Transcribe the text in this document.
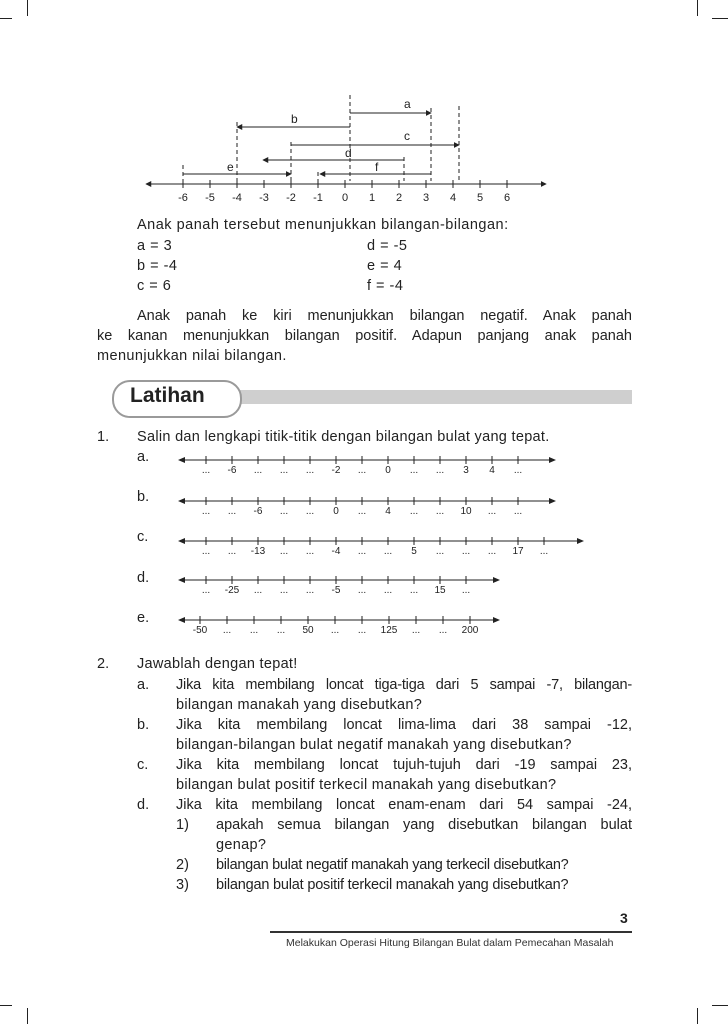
-6 -5 -4 -3 -2 -1 0 1 2 3 4 5 6
a
b
c
d
e	f
Anak panah tersebut menunjukkan bilangan-bilangan:
a = 3	d = -5
b = -4	e = 4
c = 6	f = -4
Anak panah ke kiri menunjukkan bilangan negatif. Anak panah
ke kanan menunjukkan bilangan positif. Adapun panjang anak panah
menunjukkan nilai bilangan.
Latihan
1. Salin dan lengkapi titik-titik dengan bilangan bulat yang tepat.
a.
...	-6	...	...	...	-2	...	0	...	...	3	4	...
b.
...	...	-6	...	...	0	...	4	...	...	10	...	...
c.
...	...	-13	...	...	-4	...	...	5	...	...	...	17	...
d.
...	-25	...	...	...	-5	...	...	...	15	...
e.
-50	...	...	...	50	...	...	125	...	...	200
2. Jawablah dengan tepat!
a. Jika kita membilang loncat tiga-tiga dari 5 sampai -7, bilangan-
bilangan manakah yang disebutkan?
b. Jika kita membilang loncat lima-lima dari 38 sampai -12,
bilangan-bilangan bulat negatif manakah yang disebutkan?
c. Jika kita membilang loncat tujuh-tujuh dari -19 sampai 23,
bilangan bulat positif terkecil manakah yang disebutkan?
d. Jika kita membilang loncat enam-enam dari 54 sampai -24,
1) apakah semua bilangan yang disebutkan bilangan bulat
genap?
2) bilangan bulat negatif manakah yang terkecil disebutkan?
3) bilangan bulat positif terkecil manakah yang disebutkan?
3
Melakukan Operasi Hitung Bilangan Bulat dalam Pemecahan Masalah
